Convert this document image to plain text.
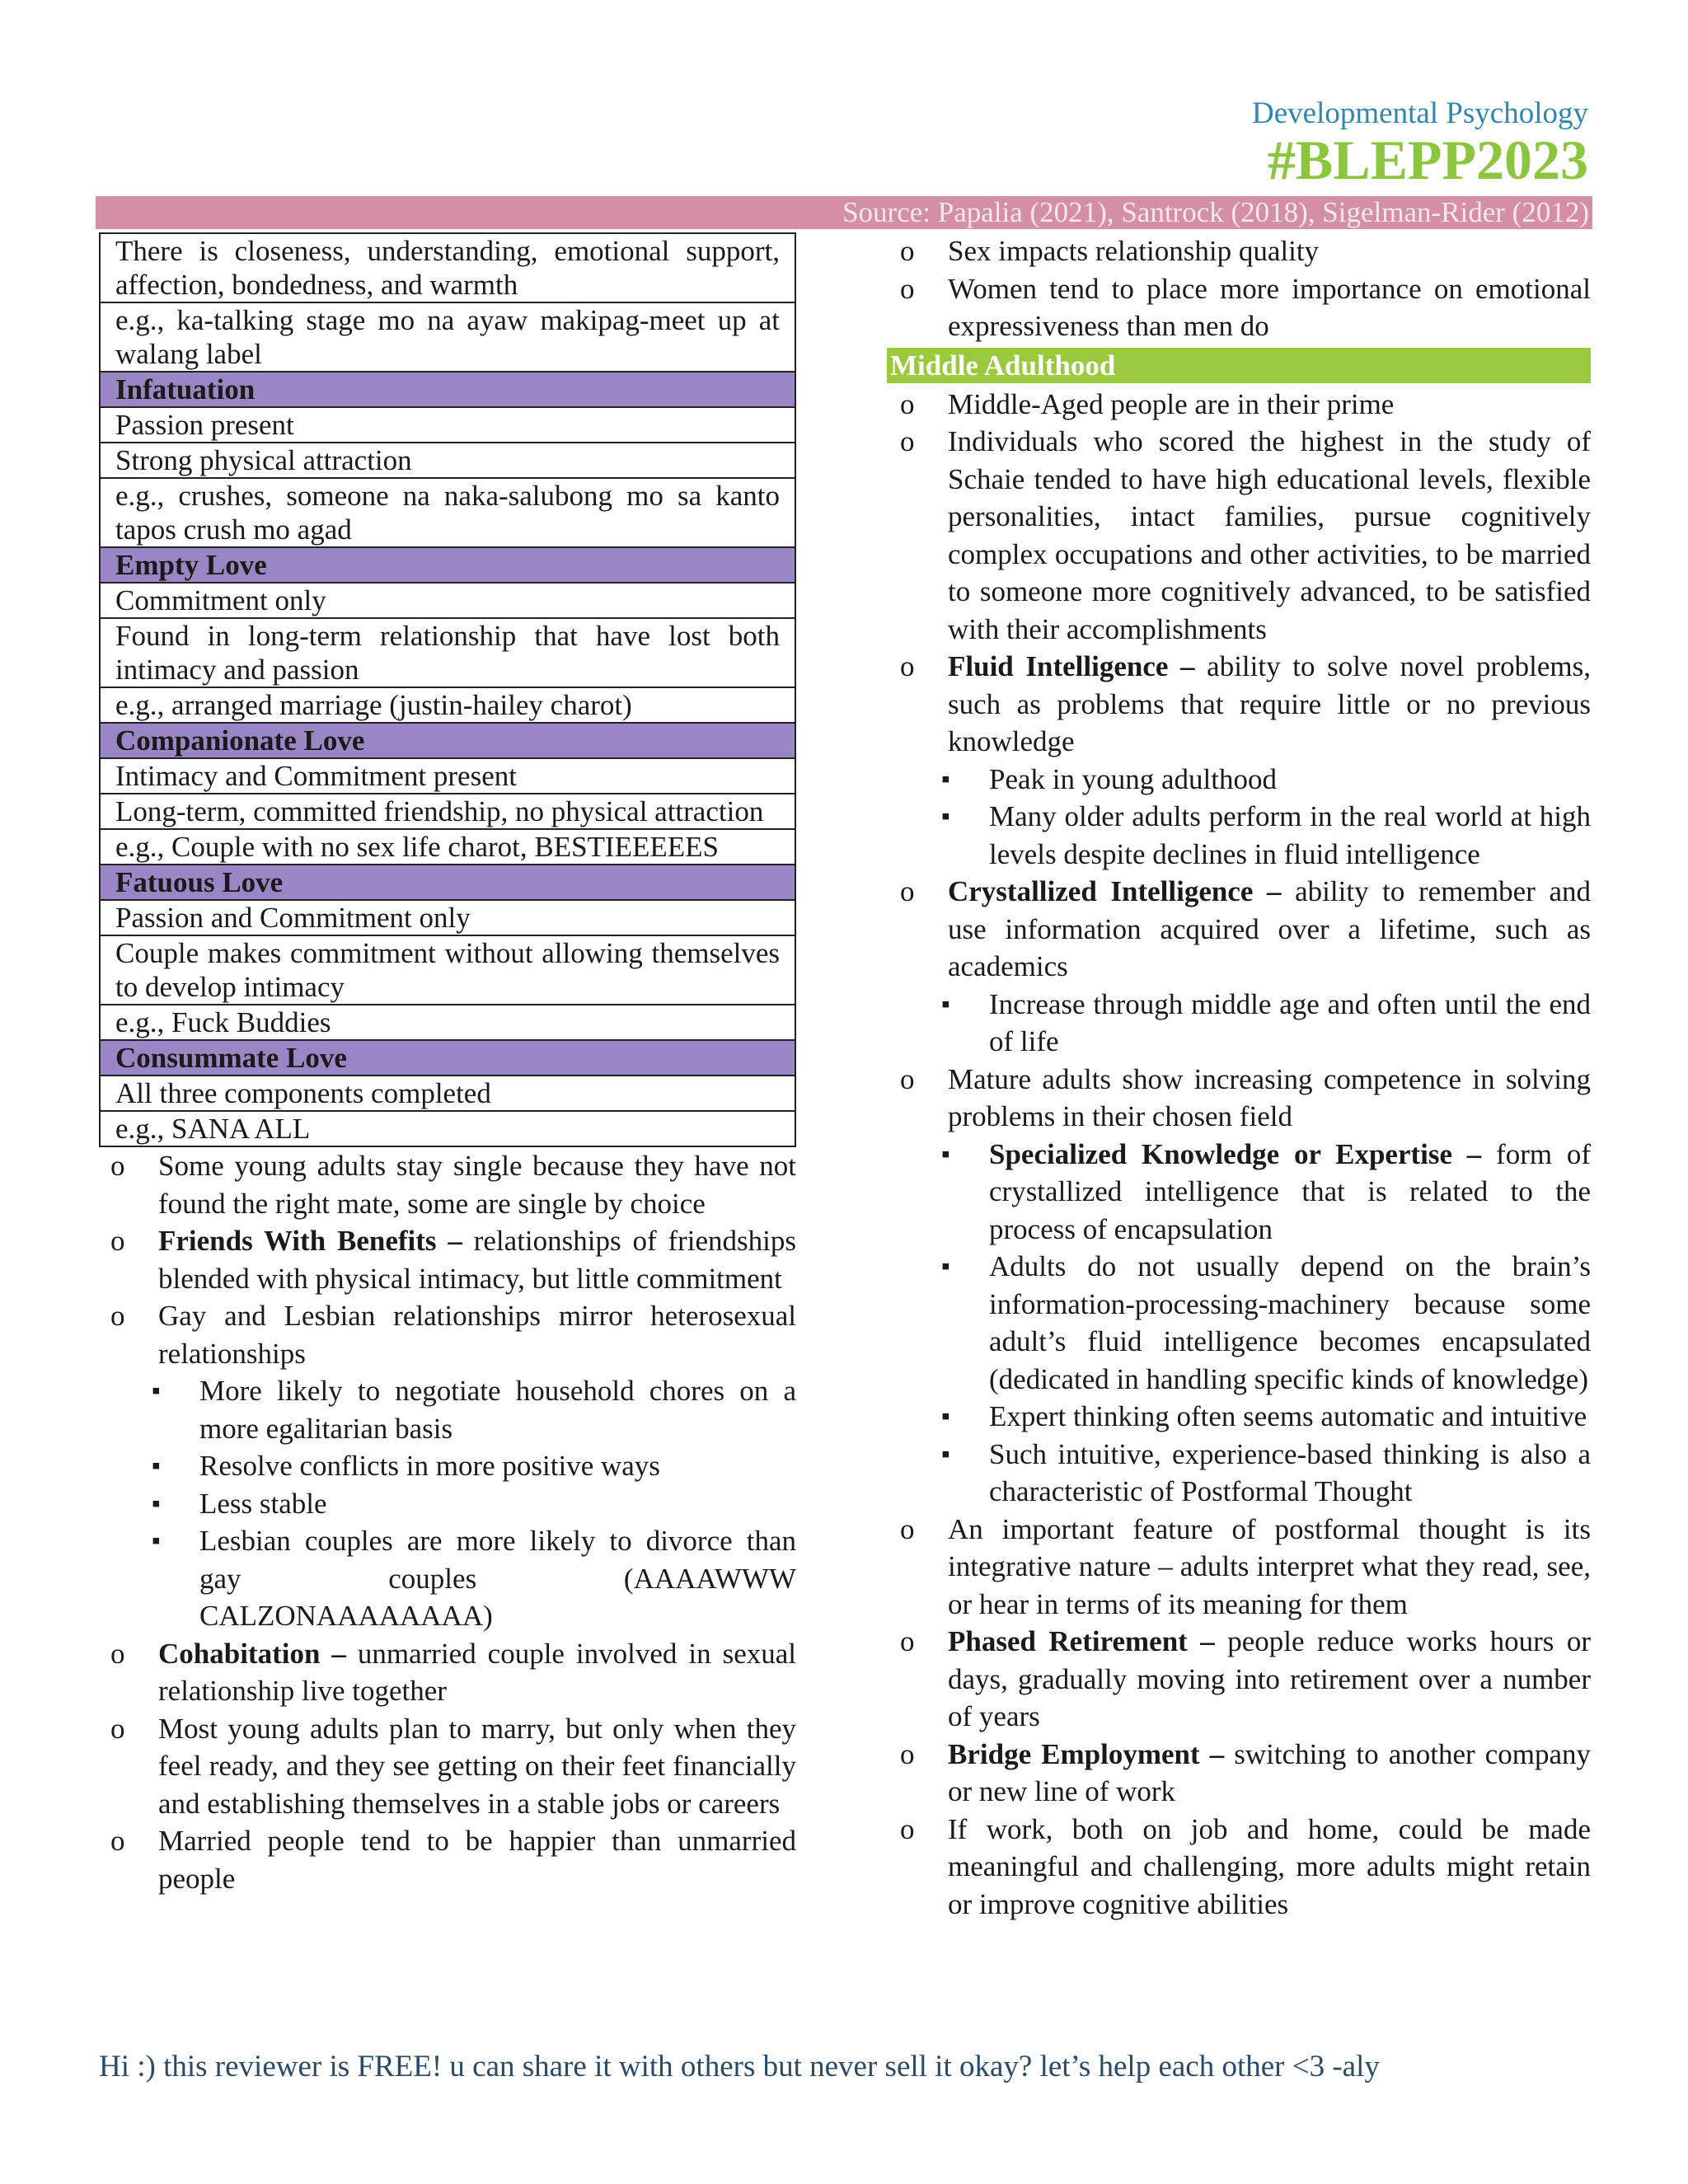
Developmental Psychology
#BLEPP2023
Source: Papalia (2021), Santrock (2018), Sigelman-Rider (2012)
There is closeness, understanding, emotional support, affection, bondedness, and warmth
e.g., ka-talking stage mo na ayaw makipag-meet up at walang label
Infatuation
Passion present
Strong physical attraction
e.g., crushes, someone na naka-salubong mo sa kanto tapos crush mo agad
Empty Love
Commitment only
Found in long-term relationship that have lost both intimacy and passion
e.g., arranged marriage (justin-hailey charot)
Companionate Love
Intimacy and Commitment present
Long-term, committed friendship, no physical attraction
e.g., Couple with no sex life charot, BESTIEEEEES
Fatuous Love
Passion and Commitment only
Couple makes commitment without allowing themselves to develop intimacy
e.g., Fuck Buddies
Consummate Love
All three components completed
e.g., SANA ALL
o Some young adults stay single because they have not found the right mate, some are single by choice
o Friends With Benefits – relationships of friendships blended with physical intimacy, but little commitment
o Gay and Lesbian relationships mirror heterosexual relationships
▪ More likely to negotiate household chores on a more egalitarian basis
▪ Resolve conflicts in more positive ways
▪ Less stable
▪ Lesbian couples are more likely to divorce than gay couples (AAAAWWW CALZONAAAAAAAA)
o Cohabitation – unmarried couple involved in sexual relationship live together
o Most young adults plan to marry, but only when they feel ready, and they see getting on their feet financially and establishing themselves in a stable jobs or careers
o Married people tend to be happier than unmarried people
o Sex impacts relationship quality
o Women tend to place more importance on emotional expressiveness than men do
Middle Adulthood
o Middle-Aged people are in their prime
o Individuals who scored the highest in the study of Schaie tended to have high educational levels, flexible personalities, intact families, pursue cognitively complex occupations and other activities, to be married to someone more cognitively advanced, to be satisfied with their accomplishments
o Fluid Intelligence – ability to solve novel problems, such as problems that require little or no previous knowledge
▪ Peak in young adulthood
▪ Many older adults perform in the real world at high levels despite declines in fluid intelligence
o Crystallized Intelligence – ability to remember and use information acquired over a lifetime, such as academics
▪ Increase through middle age and often until the end of life
o Mature adults show increasing competence in solving problems in their chosen field
▪ Specialized Knowledge or Expertise – form of crystallized intelligence that is related to the process of encapsulation
▪ Adults do not usually depend on the brain’s information-processing-machinery because some adult’s fluid intelligence becomes encapsulated (dedicated in handling specific kinds of knowledge)
▪ Expert thinking often seems automatic and intuitive
▪ Such intuitive, experience-based thinking is also a characteristic of Postformal Thought
o An important feature of postformal thought is its integrative nature – adults interpret what they read, see, or hear in terms of its meaning for them
o Phased Retirement – people reduce works hours or days, gradually moving into retirement over a number of years
o Bridge Employment – switching to another company or new line of work
o If work, both on job and home, could be made meaningful and challenging, more adults might retain or improve cognitive abilities
Hi :) this reviewer is FREE! u can share it with others but never sell it okay? let’s help each other <3 -aly
